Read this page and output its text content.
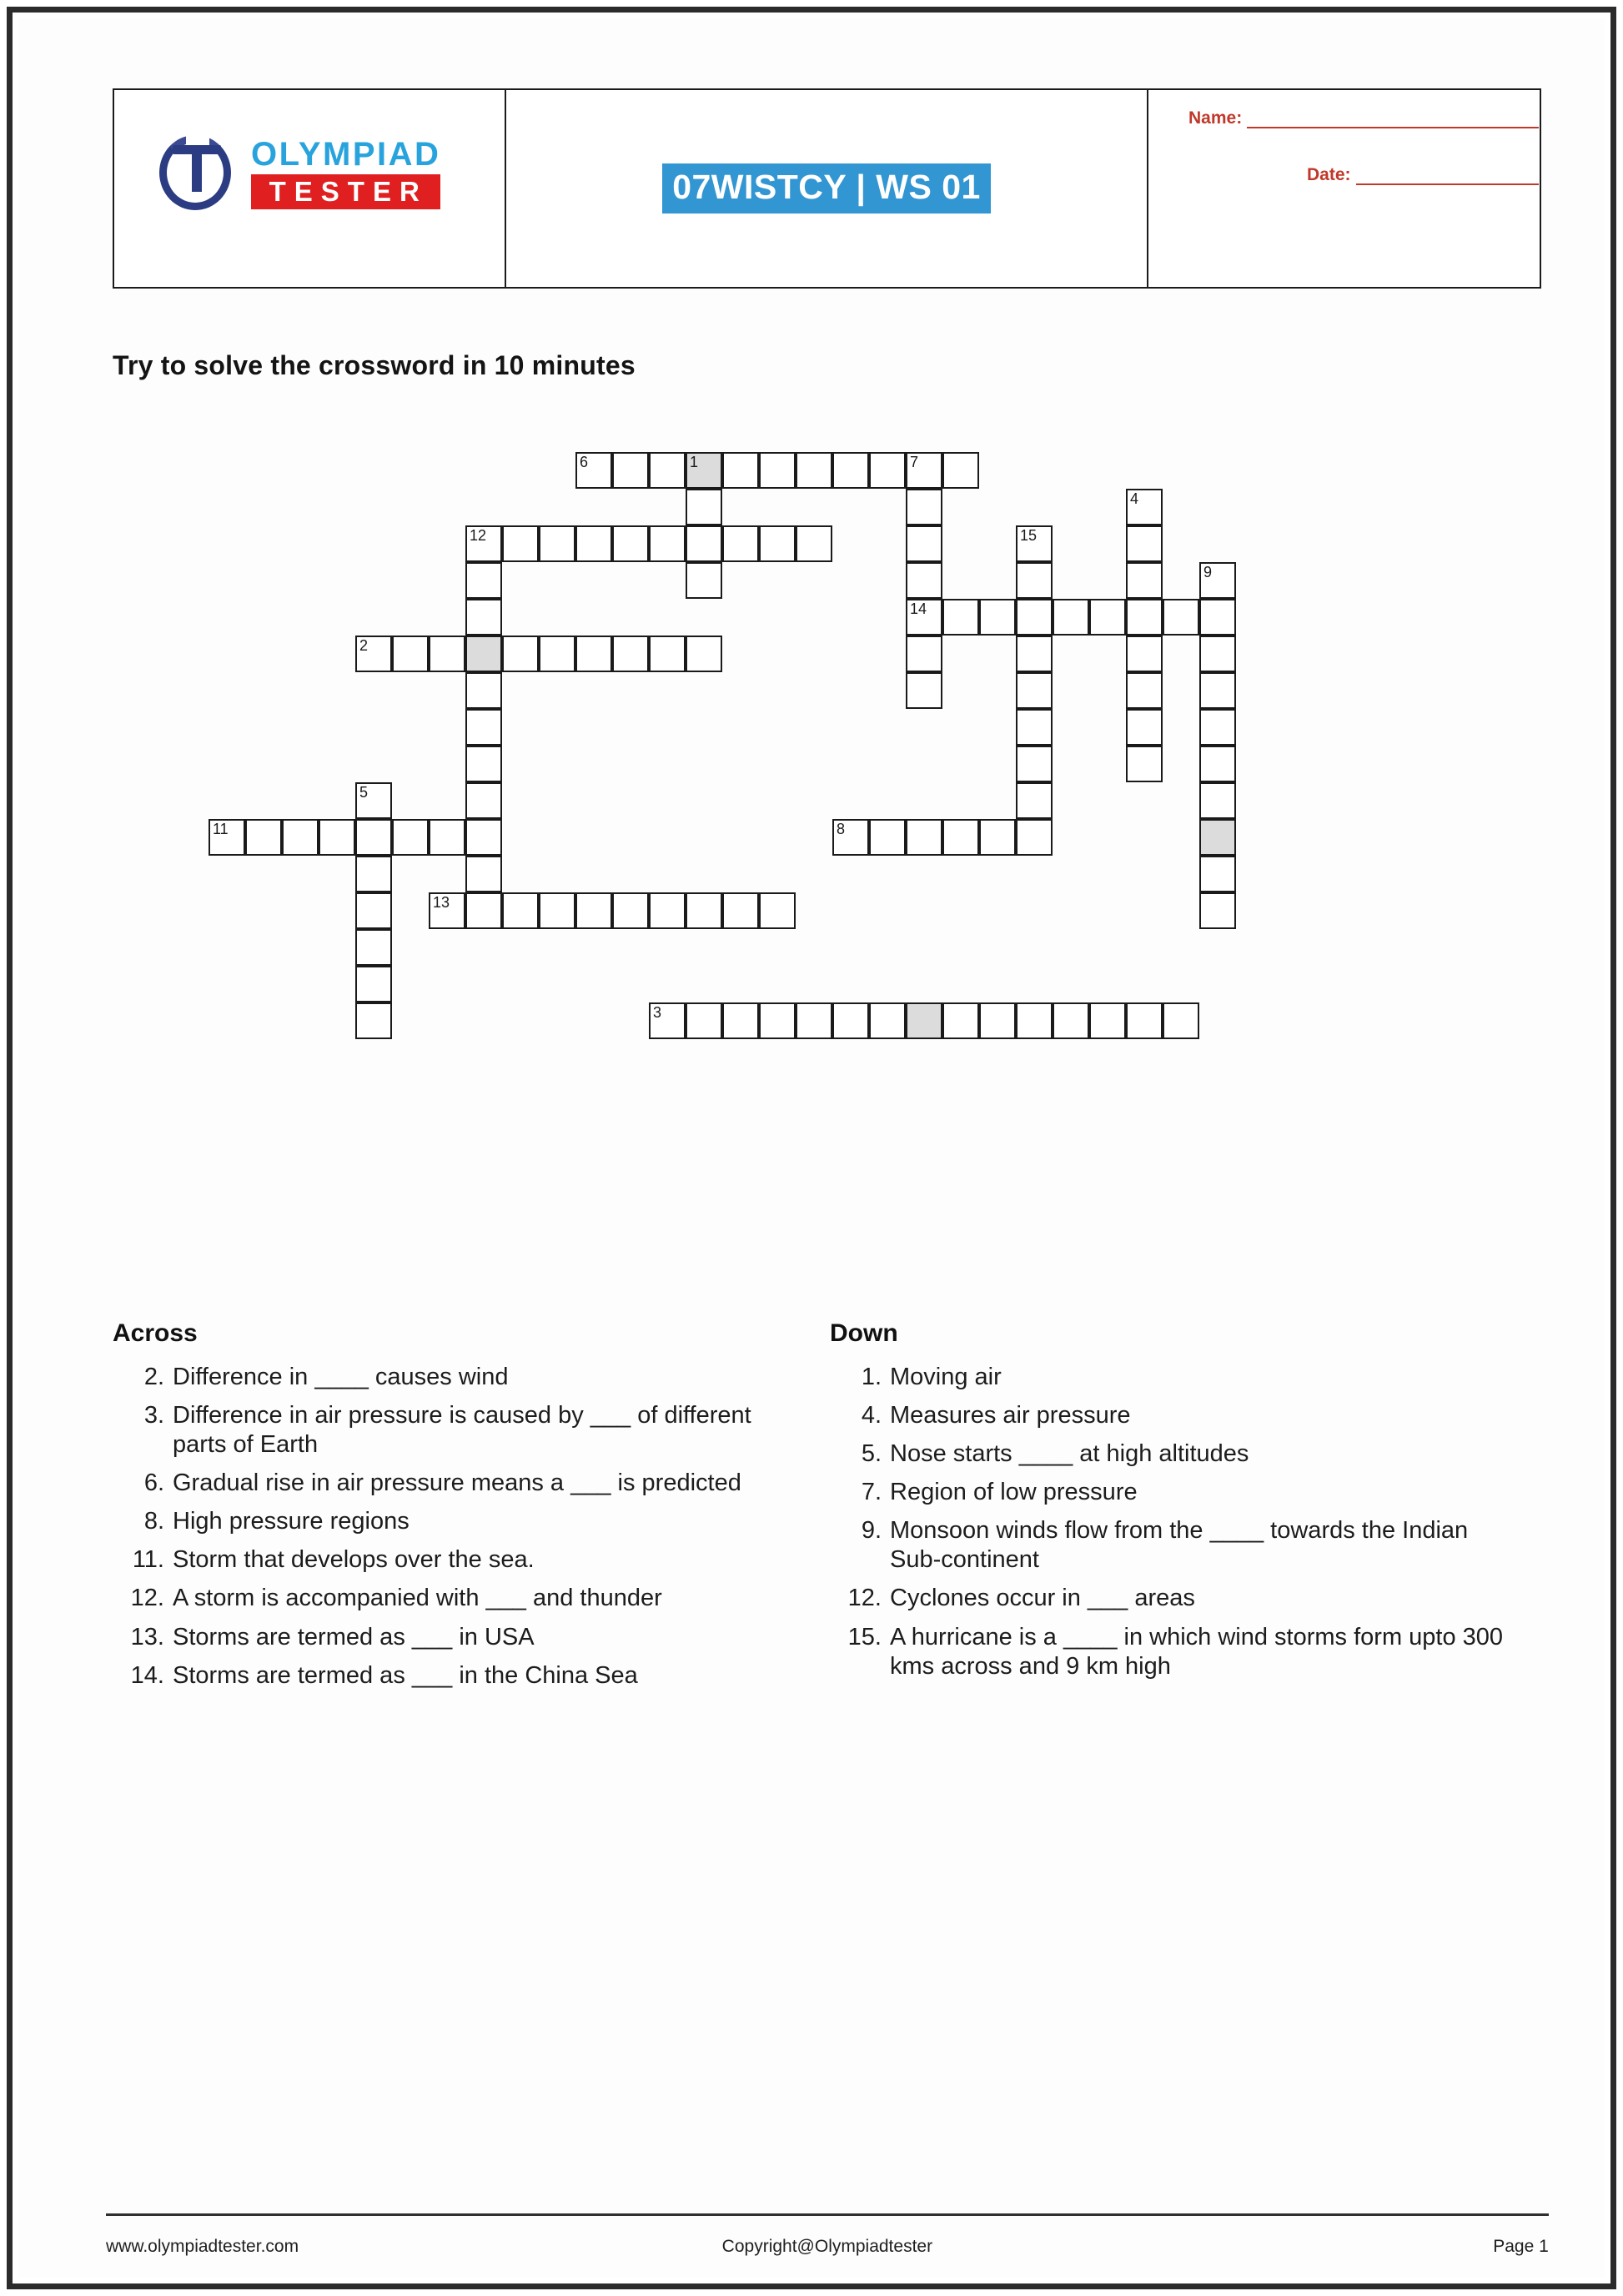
OLYMPIAD
TESTER	07WISTCY | WS 01
Name:
Date:
Try to solve the crossword in 10 minutes
6	1	7
14
4
12	15
9
2
5
11	8
13
3
Across
2. Difference in ____ causes wind
3. Difference in air pressure is caused by ___ of different parts of Earth
6. Gradual rise in air pressure means a ___ is predicted
8. High pressure regions
11. Storm that develops over the sea.
12. A storm is accompanied with ___ and thunder
13. Storms are termed as ___ in USA
14. Storms are termed as ___ in the China Sea
Down
1. Moving air
4. Measures air pressure
5. Nose starts ____ at high altitudes
7. Region of low pressure
9. Monsoon winds flow from the ____ towards the Indian Sub-continent
12. Cyclones occur in ___ areas
15. A hurricane is a ____ in which wind storms form upto 300 kms across and 9 km high
www.olympiadtester.com	Copyright@Olympiadtester	Page 1
